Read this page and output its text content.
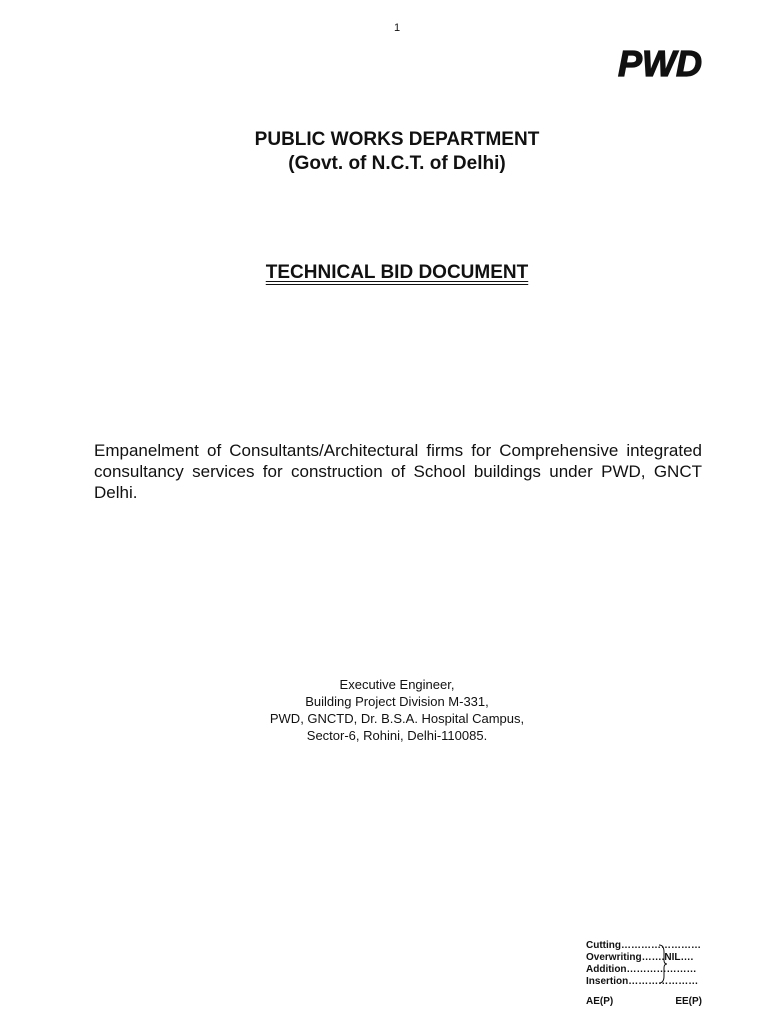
1
PWD
PUBLIC WORKS DEPARTMENT
(Govt. of N.C.T. of Delhi)
TECHNICAL BID DOCUMENT
Empanelment of Consultants/Architectural firms for Comprehensive integrated consultancy services for construction of School buildings under PWD, GNCT Delhi.
Executive Engineer,
Building Project Division M-331,
PWD, GNCTD, Dr. B.S.A. Hospital Campus,
Sector-6, Rohini, Delhi-110085.
Cutting……………………
Overwriting…….NIL….
Addition…………………
Insertion…………………
AE(P)	EE(P)
